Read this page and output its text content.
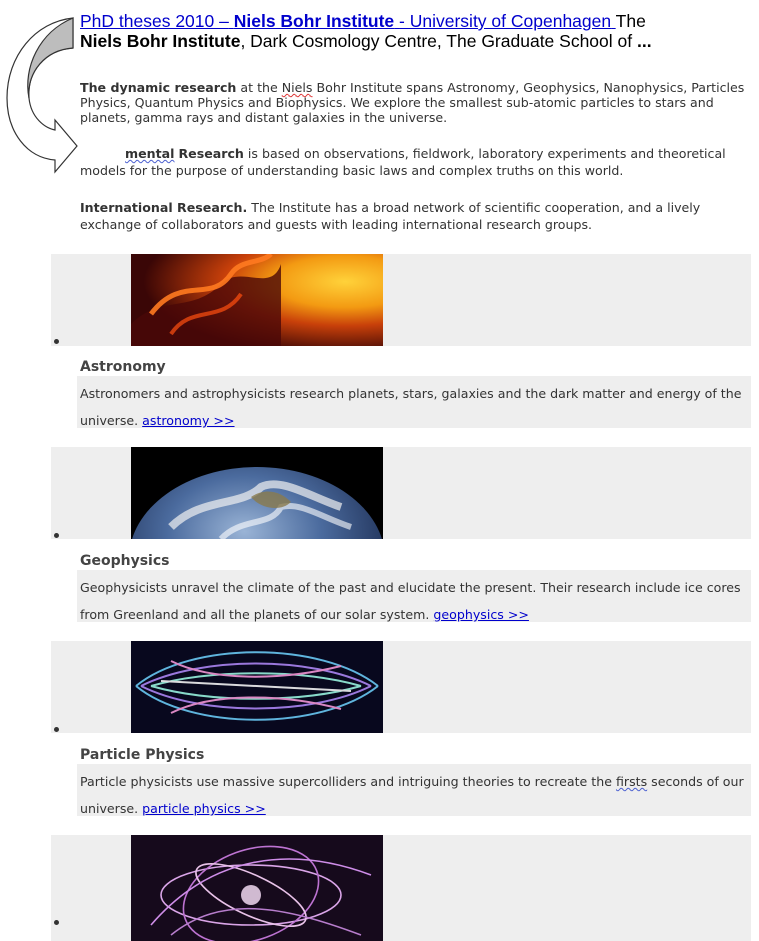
PhD theses 2010 – Niels Bohr Institute - University of Copenhagen The
Niels Bohr Institute, Dark Cosmology Centre, The Graduate School of ...
The dynamic research at the Niels Bohr Institute spans Astronomy, Geophysics, Nanophysics, Particles Physics, Quantum Physics and Biophysics. We explore the smallest sub-atomic particles to stars and planets, gamma rays and distant galaxies in the universe.
mental Research is based on observations, fieldwork, laboratory experiments and theoretical models for the purpose of understanding basic laws and complex truths on this world.
International Research. The Institute has a broad network of scientific cooperation, and a lively exchange of collaborators and guests with leading international research groups.
Astronomy
Astronomers and astrophysicists research planets, stars, galaxies and the dark matter and energy of the universe. astronomy >>
Geophysics
Geophysicists unravel the climate of the past and elucidate the present. Their research include ice cores from Greenland and all the planets of our solar system. geophysics >>
Particle Physics
Particle physicists use massive supercolliders and intriguing theories to recreate the firsts seconds of our universe. particle physics >>
